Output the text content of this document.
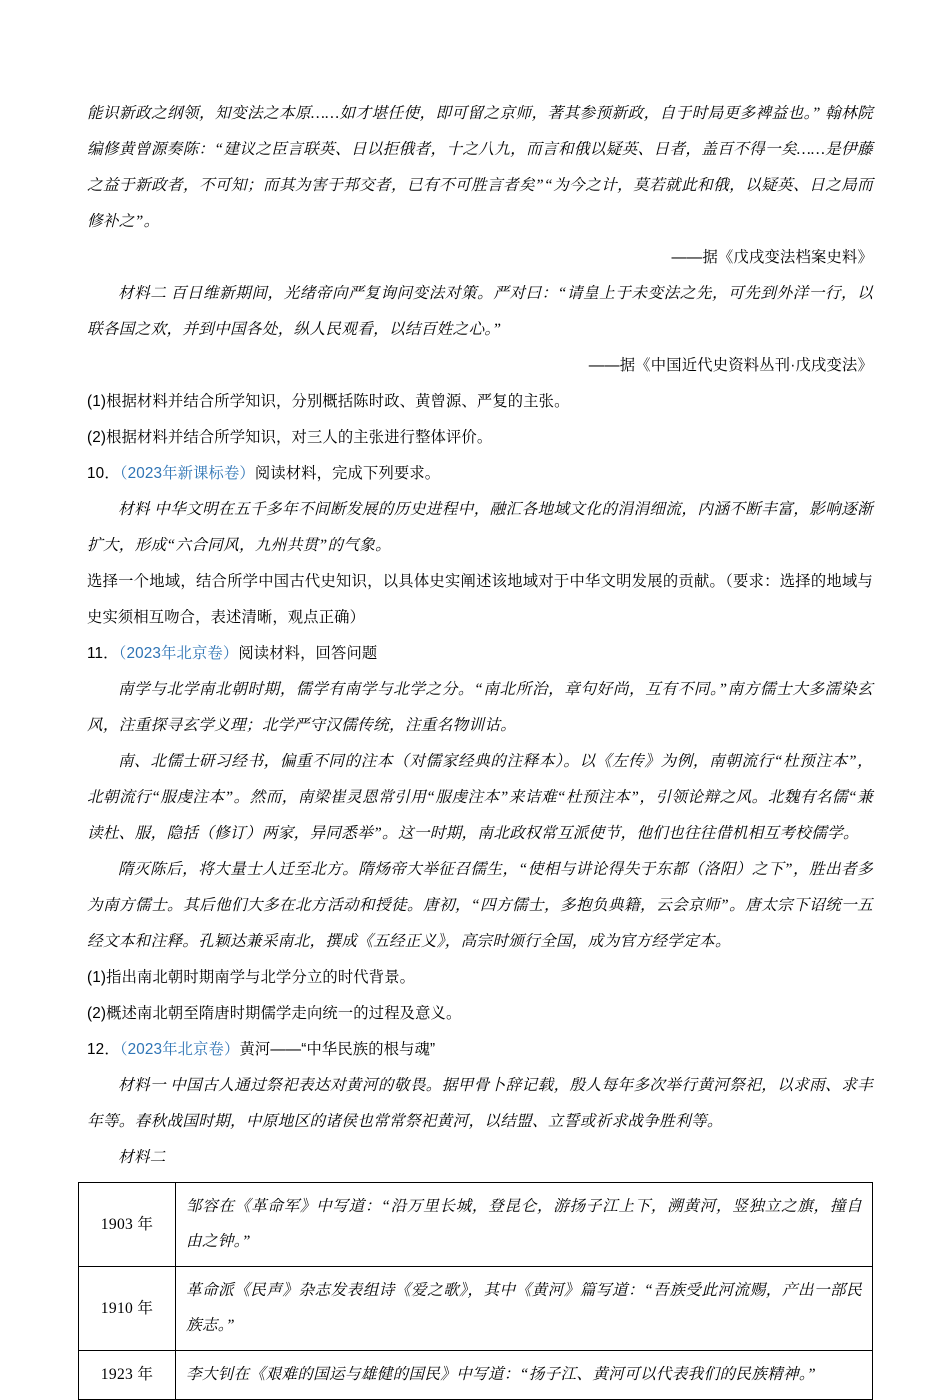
能识新政之纲领，知变法之本原……如才堪任使，即可留之京师，著其参预新政，自于时局更多裨益也。” 翰林院编修黄曾源奏陈：“建议之臣言联英、日以拒俄者，十之八九，而言和俄以疑英、日者，盖百不得一矣……是伊藤之益于新政者，不可知；而其为害于邦交者，已有不可胜言者矣”“为今之计，莫若就此和俄，以疑英、日之局而修补之”。

——据《戊戌变法档案史料》

材料二 百日维新期间，光绪帝向严复询问变法对策。严对曰：“请皇上于未变法之先，可先到外洋一行，以联各国之欢，并到中国各处，纵人民观看，以结百姓之心。”

——据《中国近代史资料丛刊·戊戌变法》

(1)根据材料并结合所学知识，分别概括陈时政、黄曾源、严复的主张。

(2)根据材料并结合所学知识，对三人的主张进行整体评价。

10．（2023年新课标卷）阅读材料，完成下列要求。

材料 中华文明在五千多年不间断发展的历史进程中，融汇各地域文化的涓涓细流，内涵不断丰富，影响逐渐扩大，形成“六合同风，九州共贯”的气象。

选择一个地域，结合所学中国古代史知识，以具体史实阐述该地域对于中华文明发展的贡献。（要求：选择的地域与史实须相互吻合，表述清晰，观点正确）

11．（2023年北京卷）阅读材料，回答问题

南学与北学南北朝时期，儒学有南学与北学之分。“南北所治，章句好尚，互有不同。”南方儒士大多濡染玄风，注重探寻玄学义理；北学严守汉儒传统，注重名物训诂。

南、北儒士研习经书，偏重不同的注本（对儒家经典的注释本）。以《左传》为例，南朝流行“杜预注本”，北朝流行“服虔注本”。然而，南梁崔灵恩常引用“服虔注本”来诘难“杜预注本”，引领论辩之风。北魏有名儒“兼读杜、服，隐括（修订）两家，异同悉举”。这一时期，南北政权常互派使节，他们也往往借机相互考校儒学。

隋灭陈后，将大量士人迁至北方。隋炀帝大举征召儒生，“使相与讲论得失于东都（洛阳）之下”，胜出者多为南方儒士。其后他们大多在北方活动和授徒。唐初，“四方儒士，多抱负典籍，云会京师”。唐太宗下诏统一五经文本和注释。孔颖达兼采南北，撰成《五经正义》，高宗时颁行全国，成为官方经学定本。

(1)指出南北朝时期南学与北学分立的时代背景。

(2)概述南北朝至隋唐时期儒学走向统一的过程及意义。

12．（2023年北京卷）黄河——“中华民族的根与魂”

材料一 中国古人通过祭祀表达对黄河的敬畏。据甲骨卜辞记载，殷人每年多次举行黄河祭祀，以求雨、求丰年等。春秋战国时期，中原地区的诸侯也常常祭祀黄河，以结盟、立誓或祈求战争胜利等。

材料二

1903 年	邹容在《革命军》中写道：“沿万里长城，登昆仑，游扬子江上下，溯黄河，竖独立之旗，撞自由之钟。”
1910 年	革命派《民声》杂志发表组诗《爱之歌》，其中《黄河》篇写道：“吾族受此河流赐，产出一部民族志。”
1923 年	李大钊在《艰难的国运与雄健的国民》中写道：“扬子江、黄河可以代表我们的民族精神。”
